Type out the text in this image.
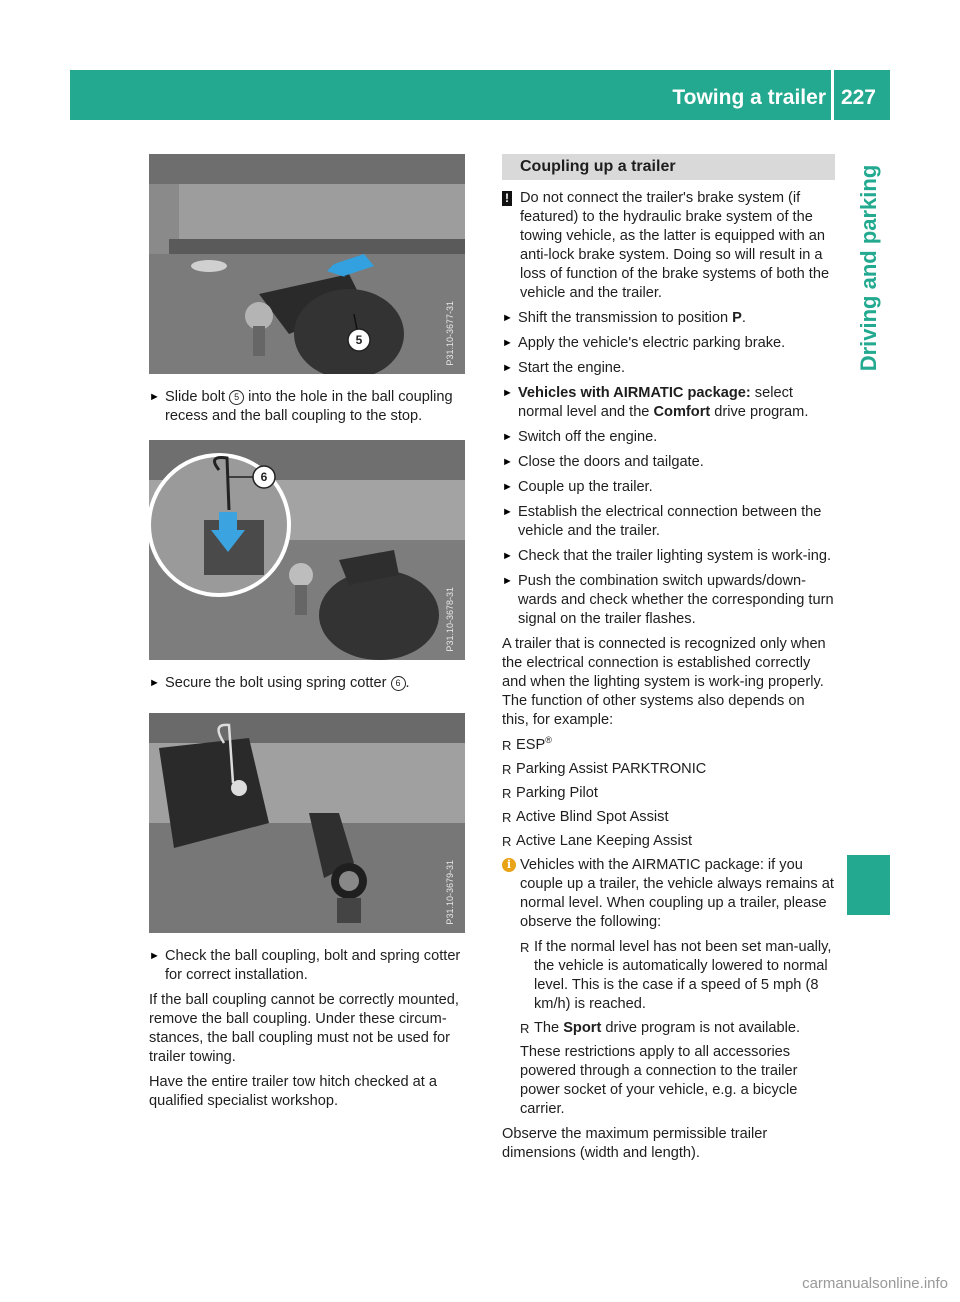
Towing a trailer 227
Driving and parking
5	P31.10-3677-31
► Slide bolt 5 into the hole in the ball coupling recess and the ball coupling to the stop.
6
P31.10-3678-31
► Secure the bolt using spring cotter 6 .
P31.10-3679-31
► Check the ball coupling, bolt and spring cotter for correct installation.
If the ball coupling cannot be correctly mounted, remove the ball coupling. Under these circum-stances, the ball coupling must not be used for trailer towing.
Have the entire trailer tow hitch checked at a qualified specialist workshop.
Coupling up a trailer
! Do not connect the trailer's brake system (if featured) to the hydraulic brake system of the towing vehicle, as the latter is equipped with an anti-lock brake system. Doing so will result in a loss of function of the brake systems of both the vehicle and the trailer.
► Shift the transmission to position P.
► Apply the vehicle's electric parking brake.
► Start the engine.
► Vehicles with AIRMATIC package: select normal level and the Comfort drive program.
► Switch off the engine.
► Close the doors and tailgate.
► Couple up the trailer.
► Establish the electrical connection between the vehicle and the trailer.
► Check that the trailer lighting system is work-ing.
► Push the combination switch upwards/down-wards and check whether the corresponding turn signal on the trailer flashes.
A trailer that is connected is recognized only when the electrical connection is established correctly and when the lighting system is work-ing properly. The function of other systems also depends on this, for example:
R ESP®
R Parking Assist PARKTRONIC
R Parking Pilot
R Active Blind Spot Assist
R Active Lane Keeping Assist
i Vehicles with the AIRMATIC package: if you couple up a trailer, the vehicle always remains at normal level. When coupling up a trailer, please observe the following:
R If the normal level has not been set man-ually, the vehicle is automatically lowered to normal level. This is the case if a speed of 5 mph (8 km/h) is reached.
R The Sport drive program is not available.
These restrictions apply to all accessories powered through a connection to the trailer power socket of your vehicle, e.g. a bicycle carrier.
Observe the maximum permissible trailer dimensions (width and length).
carmanualsonline.info
